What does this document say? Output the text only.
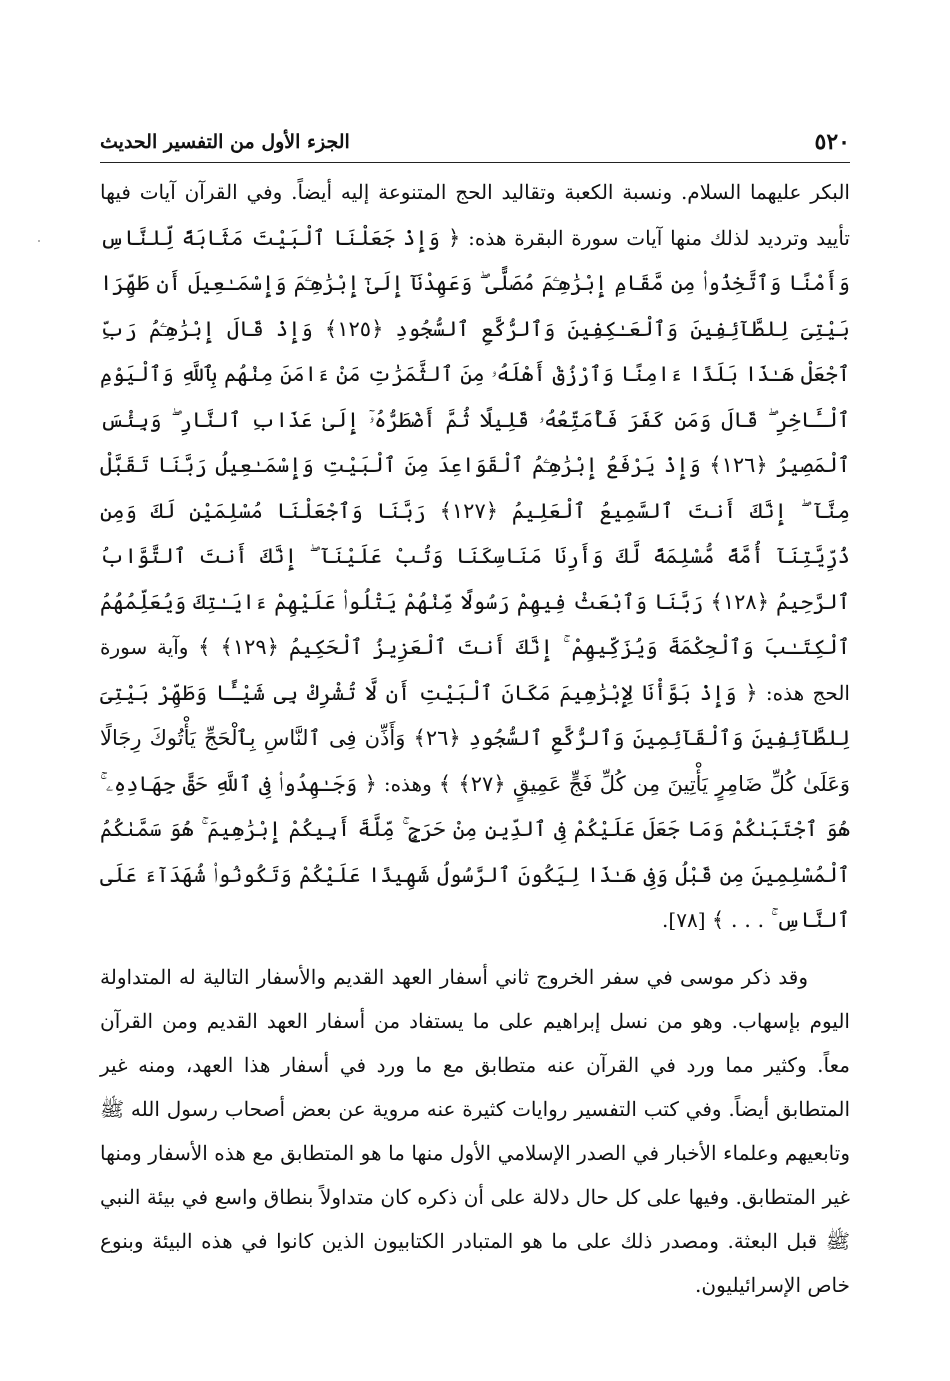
٥٢٠
الجزء الأول من التفسير الحديث

البكر عليهما السلام. ونسبة الكعبة وتقاليد الحج المتنوعة إليه أيضاً. وفي القرآن آيات فيها تأييد وترديد لذلك منها آيات سورة البقرة هذه: ﴿ وَإِذْ جَعَلْنَا ٱلْبَيْتَ مَثَابَةً لِّلنَّاسِ وَأَمْنًا وَٱتَّخِذُوا۟ مِن مَّقَامِ إِبْرَٰهِـۧمَ مُصَلًّى ۖ وَعَهِدْنَآ إِلَىٰٓ إِبْرَٰهِـۧمَ وَإِسْمَـٰعِيلَ أَن طَهِّرَا بَيْتِىَ لِلطَّآئِفِينَ وَٱلْعَـٰكِفِينَ وَٱلرُّكَّعِ ٱلسُّجُودِ ﴿١٢٥﴾ وَإِذْ قَالَ إِبْرَٰهِـۧمُ رَبِّ ٱجْعَلْ هَـٰذَا بَلَدًا ءَامِنًا وَٱرْزُقْ أَهْلَهُۥ مِنَ ٱلثَّمَرَٰتِ مَنْ ءَامَنَ مِنْهُم بِٱللَّهِ وَٱلْيَوْمِ ٱلْـَٔاخِرِ ۖ قَالَ وَمَن كَفَرَ فَأُمَتِّعُهُۥ قَلِيلًا ثُمَّ أَضْطَرُّهُۥٓ إِلَىٰ عَذَابِ ٱلنَّارِ ۖ وَبِئْسَ ٱلْمَصِيرُ ﴿١٢٦﴾ وَإِذْ يَرْفَعُ إِبْرَٰهِـۧمُ ٱلْقَوَاعِدَ مِنَ ٱلْبَيْتِ وَإِسْمَـٰعِيلُ رَبَّنَا تَقَبَّلْ مِنَّآ ۖ إِنَّكَ أَنتَ ٱلسَّمِيعُ ٱلْعَلِيمُ ﴿١٢٧﴾ رَبَّنَا وَٱجْعَلْنَا مُسْلِمَيْنِ لَكَ وَمِن ذُرِّيَّتِنَآ أُمَّةً مُّسْلِمَةً لَّكَ وَأَرِنَا مَنَاسِكَنَا وَتُبْ عَلَيْنَآ ۖ إِنَّكَ أَنتَ ٱلتَّوَّابُ ٱلرَّحِيمُ ﴿١٢٨﴾ رَبَّنَا وَٱبْعَثْ فِيهِمْ رَسُولًا مِّنْهُمْ يَتْلُوا۟ عَلَيْهِمْ ءَايَـٰتِكَ وَيُعَلِّمُهُمُ ٱلْكِتَـٰبَ وَٱلْحِكْمَةَ وَيُزَكِّيهِمْ ۚ إِنَّكَ أَنتَ ٱلْعَزِيزُ ٱلْحَكِيمُ ﴿١٢٩﴾ ﴾ وآية سورة الحج هذه: ﴿ وَإِذْ بَوَّأْنَا لِإِبْرَٰهِيمَ مَكَانَ ٱلْبَيْتِ أَن لَّا تُشْرِكْ بِى شَيْـًٔا وَطَهِّرْ بَيْتِىَ لِلطَّآئِفِينَ وَٱلْقَآئِمِينَ وَٱلرُّكَّعِ ٱلسُّجُودِ ﴿٢٦﴾ وَأَذِّن فِى ٱلنَّاسِ بِٱلْحَجِّ يَأْتُوكَ رِجَالًا وَعَلَىٰ كُلِّ ضَامِرٍ يَأْتِينَ مِن كُلِّ فَجٍّ عَمِيقٍ ﴿٢٧﴾ ﴾ وهذه: ﴿ وَجَـٰهِدُوا۟ فِى ٱللَّهِ حَقَّ جِهَادِهِۦ ۚ هُوَ ٱجْتَبَىٰكُمْ وَمَا جَعَلَ عَلَيْكُمْ فِى ٱلدِّينِ مِنْ حَرَجٍ ۚ مِّلَّةَ أَبِيكُمْ إِبْرَٰهِيمَ ۚ هُوَ سَمَّىٰكُمُ ٱلْمُسْلِمِينَ مِن قَبْلُ وَفِى هَـٰذَا لِيَكُونَ ٱلرَّسُولُ شَهِيدًا عَلَيْكُمْ وَتَكُونُوا۟ شُهَدَآءَ عَلَى ٱلنَّاسِ ۚ . . . ﴾ [٧٨].

وقد ذكر موسى في سفر الخروج ثاني أسفار العهد القديم والأسفار التالية له المتداولة اليوم بإسهاب. وهو من نسل إبراهيم على ما يستفاد من أسفار العهد القديم ومن القرآن معاً. وكثير مما ورد في القرآن عنه متطابق مع ما ورد في أسفار هذا العهد، ومنه غير المتطابق أيضاً. وفي كتب التفسير روايات كثيرة عنه مروية عن بعض أصحاب رسول الله ﷺ وتابعيهم وعلماء الأخبار في الصدر الإسلامي الأول منها ما هو المتطابق مع هذه الأسفار ومنها غير المتطابق. وفيها على كل حال دلالة على أن ذكره كان متداولاً بنطاق واسع في بيئة النبي ﷺ قبل البعثة. ومصدر ذلك على ما هو المتبادر الكتابيون الذين كانوا في هذه البيئة وبنوع خاص الإسرائيليون.
